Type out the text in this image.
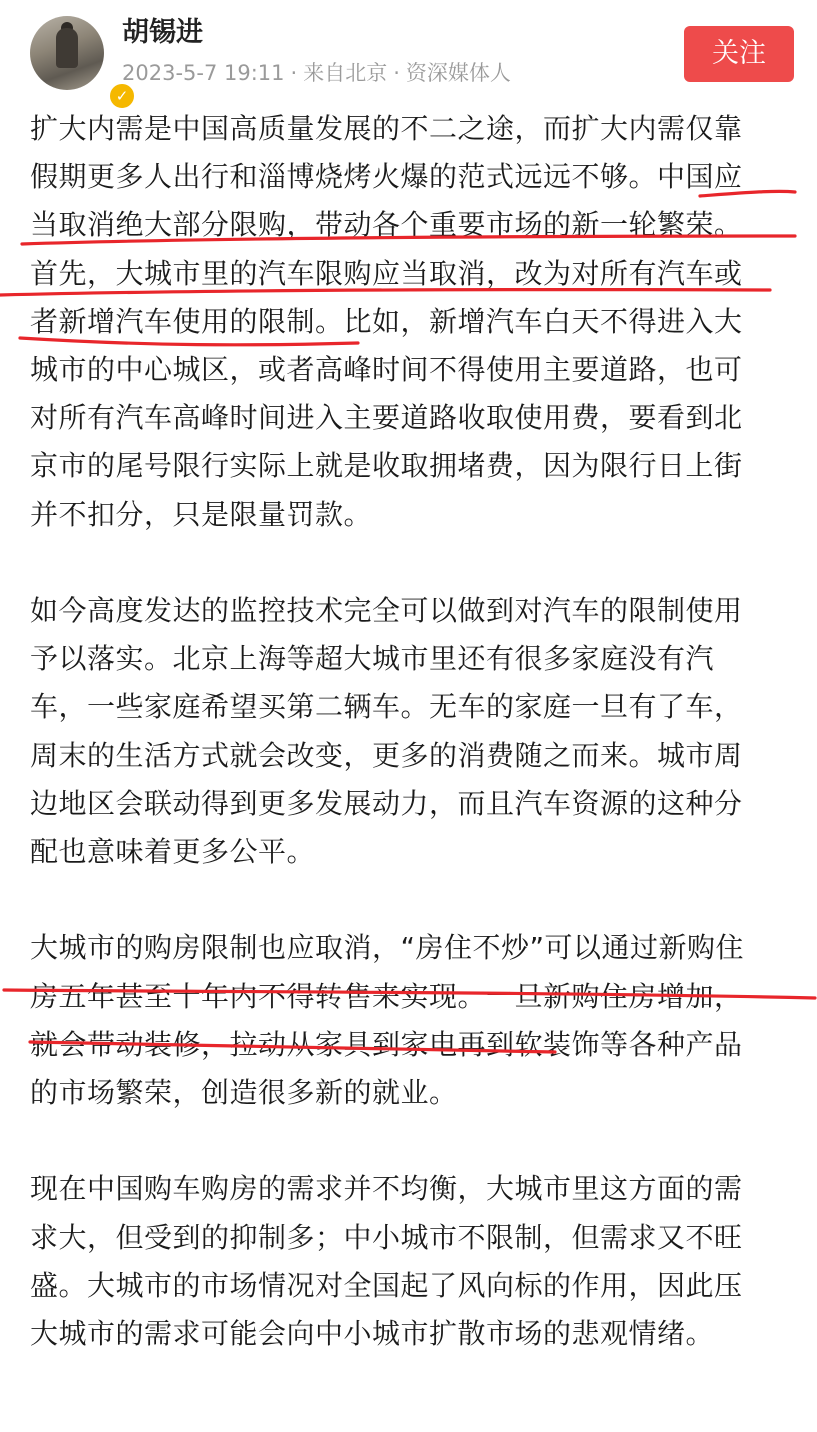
✓
胡锡进
2023-5-7 19:11 · 来自北京 · 资深媒体人
关注
扩大内需是中国高质量发展的不二之途，而扩大内需仅靠
假期更多人出行和淄博烧烤火爆的范式远远不够。中国应
当取消绝大部分限购，带动各个重要市场的新一轮繁荣。
首先，大城市里的汽车限购应当取消，改为对所有汽车或
者新增汽车使用的限制。比如，新增汽车白天不得进入大
城市的中心城区，或者高峰时间不得使用主要道路，也可
对所有汽车高峰时间进入主要道路收取使用费，要看到北
京市的尾号限行实际上就是收取拥堵费，因为限行日上街
并不扣分，只是限量罚款。
如今高度发达的监控技术完全可以做到对汽车的限制使用
予以落实。北京上海等超大城市里还有很多家庭没有汽
车，一些家庭希望买第二辆车。无车的家庭一旦有了车，
周末的生活方式就会改变，更多的消费随之而来。城市周
边地区会联动得到更多发展动力，而且汽车资源的这种分
配也意味着更多公平。
大城市的购房限制也应取消，“房住不炒”可以通过新购住
房五年甚至十年内不得转售来实现。一旦新购住房增加，
就会带动装修，拉动从家具到家电再到软装饰等各种产品
的市场繁荣，创造很多新的就业。
现在中国购车购房的需求并不均衡，大城市里这方面的需
求大，但受到的抑制多；中小城市不限制，但需求又不旺
盛。大城市的市场情况对全国起了风向标的作用，因此压
大城市的需求可能会向中小城市扩散市场的悲观情绪。
